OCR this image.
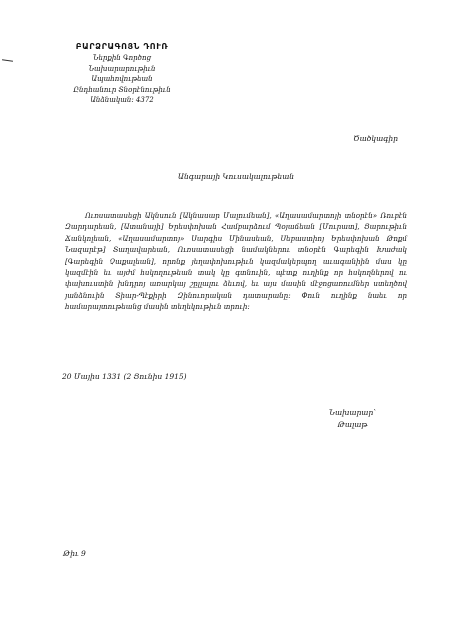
ԲԱՐՁՐԱԳՈՅՆ ԴՈՒՌ
Ներքին Գործոց
Նախարարութիւն
Ապահովութեան
Ընդհանուր Տնօրէնութիւն
Անձնական: 4372
Ծածկագիր
Անգարայի Կուսակալութեան

Ուռսատասեցի Ակնսուն [Ակնասար Մալումեան], «Աղասամարտոյի տնօրէն» Ռուբէն Զարդարեան, [Ատանայի] Երեսփոխան Համբարձում Պօյաճեան [Մուրատ], Յարութիւն Ճանկոլեան, «Աղասամարտոյ» Սարգիս Մինասեան, Սեբաստիոյ Երեսփոխան Թոքմ Նազարէթ] Տաղավարեան, Ուռսատասեցի նամակներու տնօրէն Գարեգին Խաժակ [Գարեգին Չաքալեան], որոնք յեղափոխութիւն կազմակերպող աւագանիին մաս կը կազմէին եւ այժմ հսկողութեան տակ կը գտնուին, պէտք ուղինք որ հսկողներով ու փախուստին խնդրոյ առարկայ շըլլալու ձեւով, եւ այս մասին մէջոցառումներ ստեղծով յանձնուին Տիար-Պէքիրի Զինուորական դատարանը: Փուն ուղինք նաեւ որ համարայտութեանց մասին տեղեկութիւն տրուի:

20 Մայիս 1331 (2 Յունիս 1915)
Նախարար՝
Թալաթ
Թիւ 9
